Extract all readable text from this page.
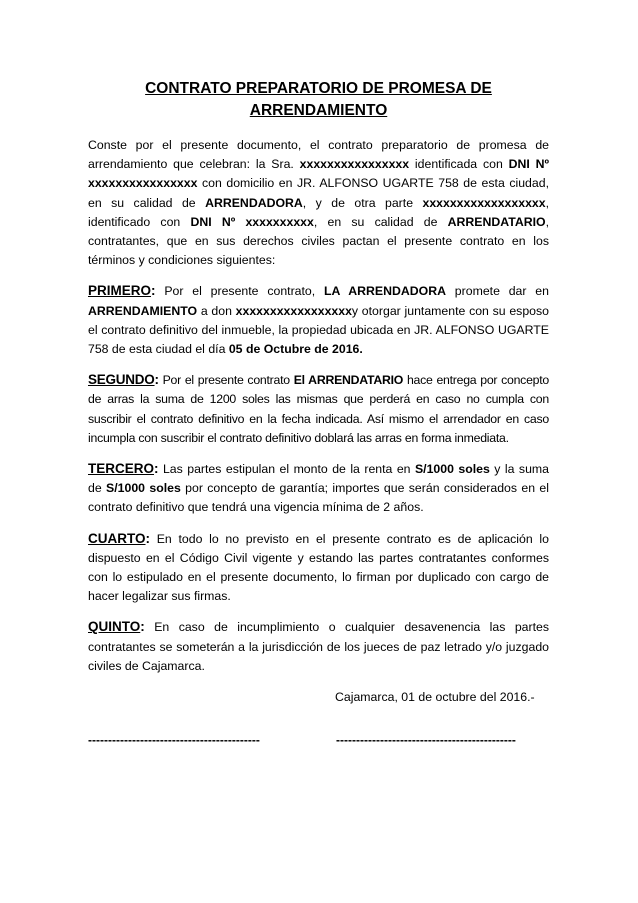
CONTRATO PREPARATORIO DE PROMESA DE
ARRENDAMIENTO

Conste por el presente documento, el contrato preparatorio de promesa de arrendamiento que celebran: la Sra. xxxxxxxxxxxxxxxx identificada con DNI Nº xxxxxxxxxxxxxxxx con domicilio en JR. ALFONSO UGARTE 758 de esta ciudad, en su calidad de ARRENDADORA, y de otra parte xxxxxxxxxxxxxxxxxx, identificado con DNI Nº xxxxxxxxxx, en su calidad de ARRENDATARIO, contratantes, que en sus derechos civiles pactan el presente contrato en los términos y condiciones siguientes:

PRIMERO: Por el presente contrato, LA ARRENDADORA promete dar en ARRENDAMIENTO a don xxxxxxxxxxxxxxxxxy otorgar juntamente con su esposo el contrato definitivo del inmueble, la propiedad ubicada en JR. ALFONSO UGARTE 758 de esta ciudad el día 05 de Octubre de 2016.

SEGUNDO: Por el presente contrato El ARRENDATARIO hace entrega por concepto de arras la suma de 1200 soles las mismas que perderá en caso no cumpla con suscribir el contrato definitivo en la fecha indicada. Así mismo el arrendador en caso incumpla con suscribir el contrato definitivo doblará las arras en forma inmediata.

TERCERO: Las partes estipulan el monto de la renta en S/1000 soles y la suma de S/1000 soles por concepto de garantía; importes que serán considerados en el contrato definitivo que tendrá una vigencia mínima de 2 años.

CUARTO: En todo lo no previsto en el presente contrato es de aplicación lo dispuesto en el Código Civil vigente y estando las partes contratantes conformes con lo estipulado en el presente documento, lo firman por duplicado con cargo de hacer legalizar sus firmas.

QUINTO: En caso de incumplimiento o cualquier desavenencia las partes contratantes se someterán a la jurisdicción de los jueces de paz letrado y/o juzgado civiles de Cajamarca.

Cajamarca, 01 de octubre del 2016.-

-------------------------------------------	---------------------------------------------
